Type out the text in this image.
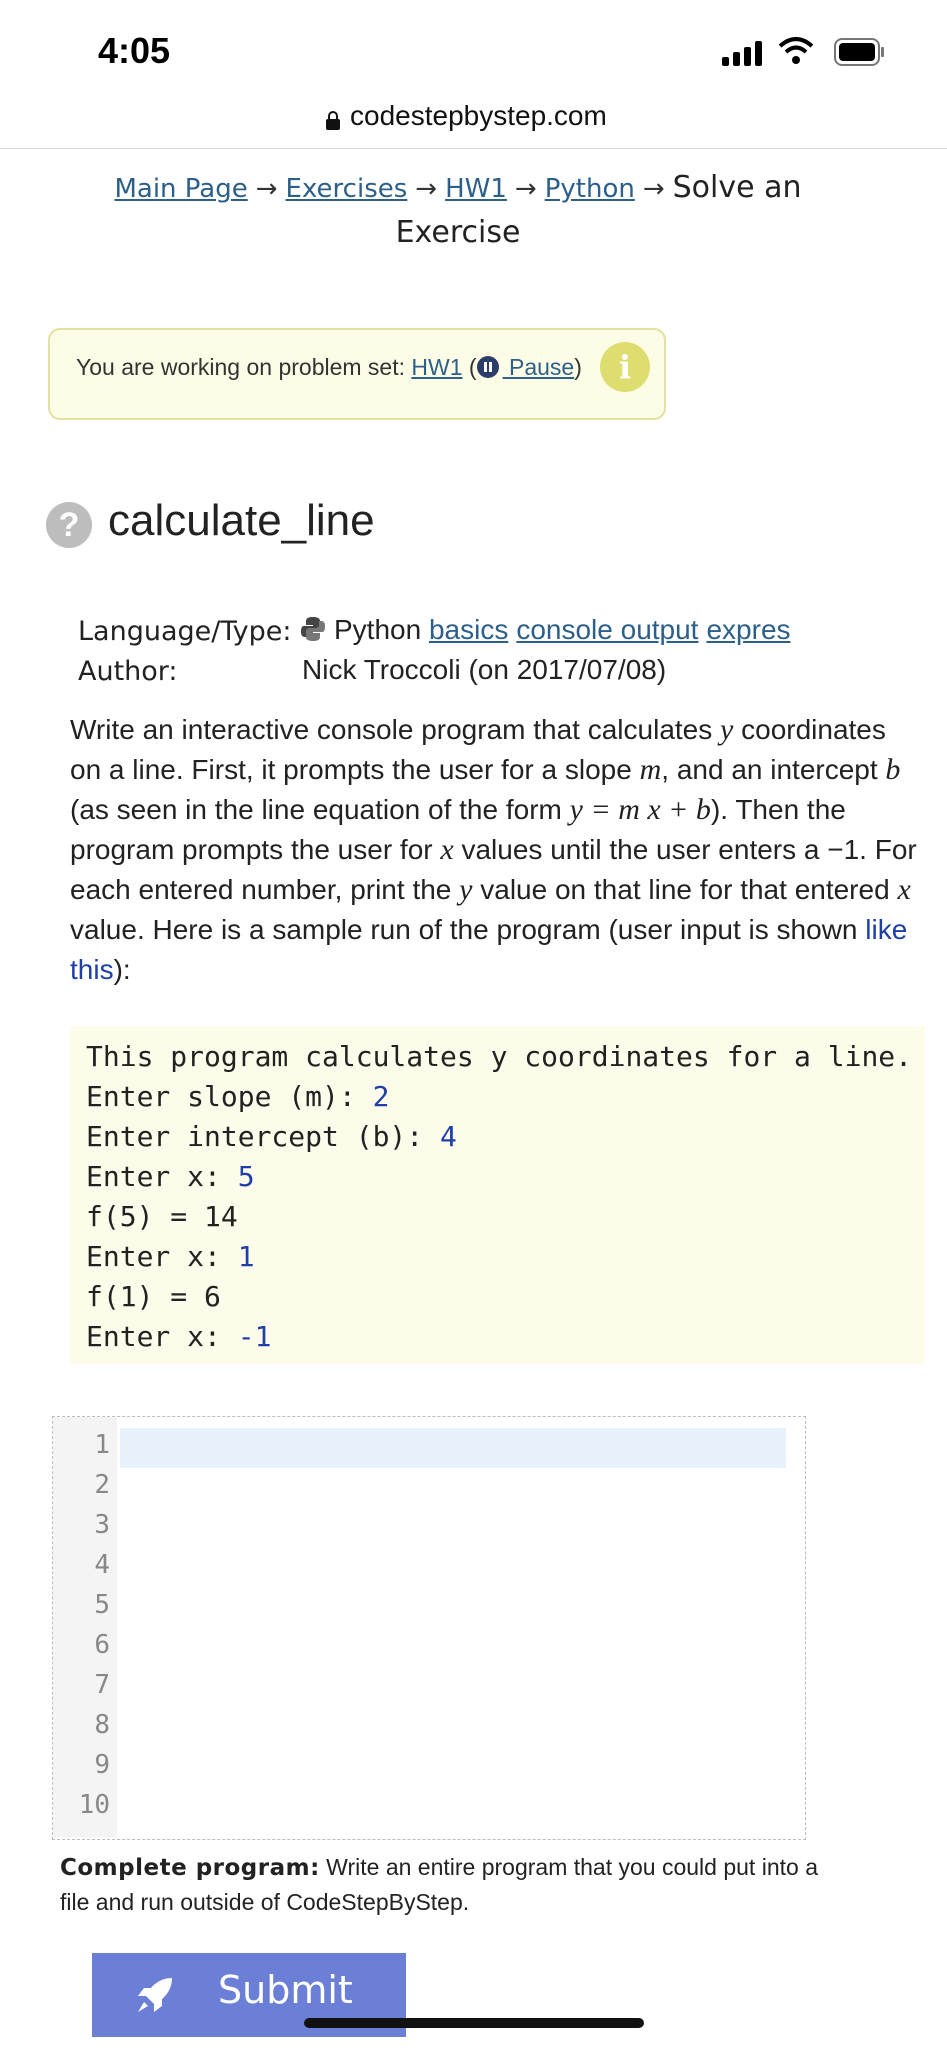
4:05
codestepbystep.com
Main Page → Exercises → HW1 → Python → Solve an Exercise
You are working on problem set: HW1 ( Pause)	i
? calculate_line
Language/Type:	Python basics console output expres
Author:	Nick Troccoli (on 2017/07/08)
Write an interactive console program that calculates y coordinates on a line. First, it prompts the user for a slope m, and an intercept b (as seen in the line equation of the form y = m x + b). Then the program prompts the user for x values until the user enters a −1. For each entered number, print the y value on that line for that entered x value. Here is a sample run of the program (user input is shown like this):
This program calculates y coordinates for a line.
Enter slope (m): 2
Enter intercept (b): 4
Enter x: 5
f(5) = 14
Enter x: 1
f(1) = 6
Enter x: -1
1
2
3
4
5
6
7
8
9
10
Complete program: Write an entire program that you could put into a file and run outside of CodeStepByStep.
Submit
